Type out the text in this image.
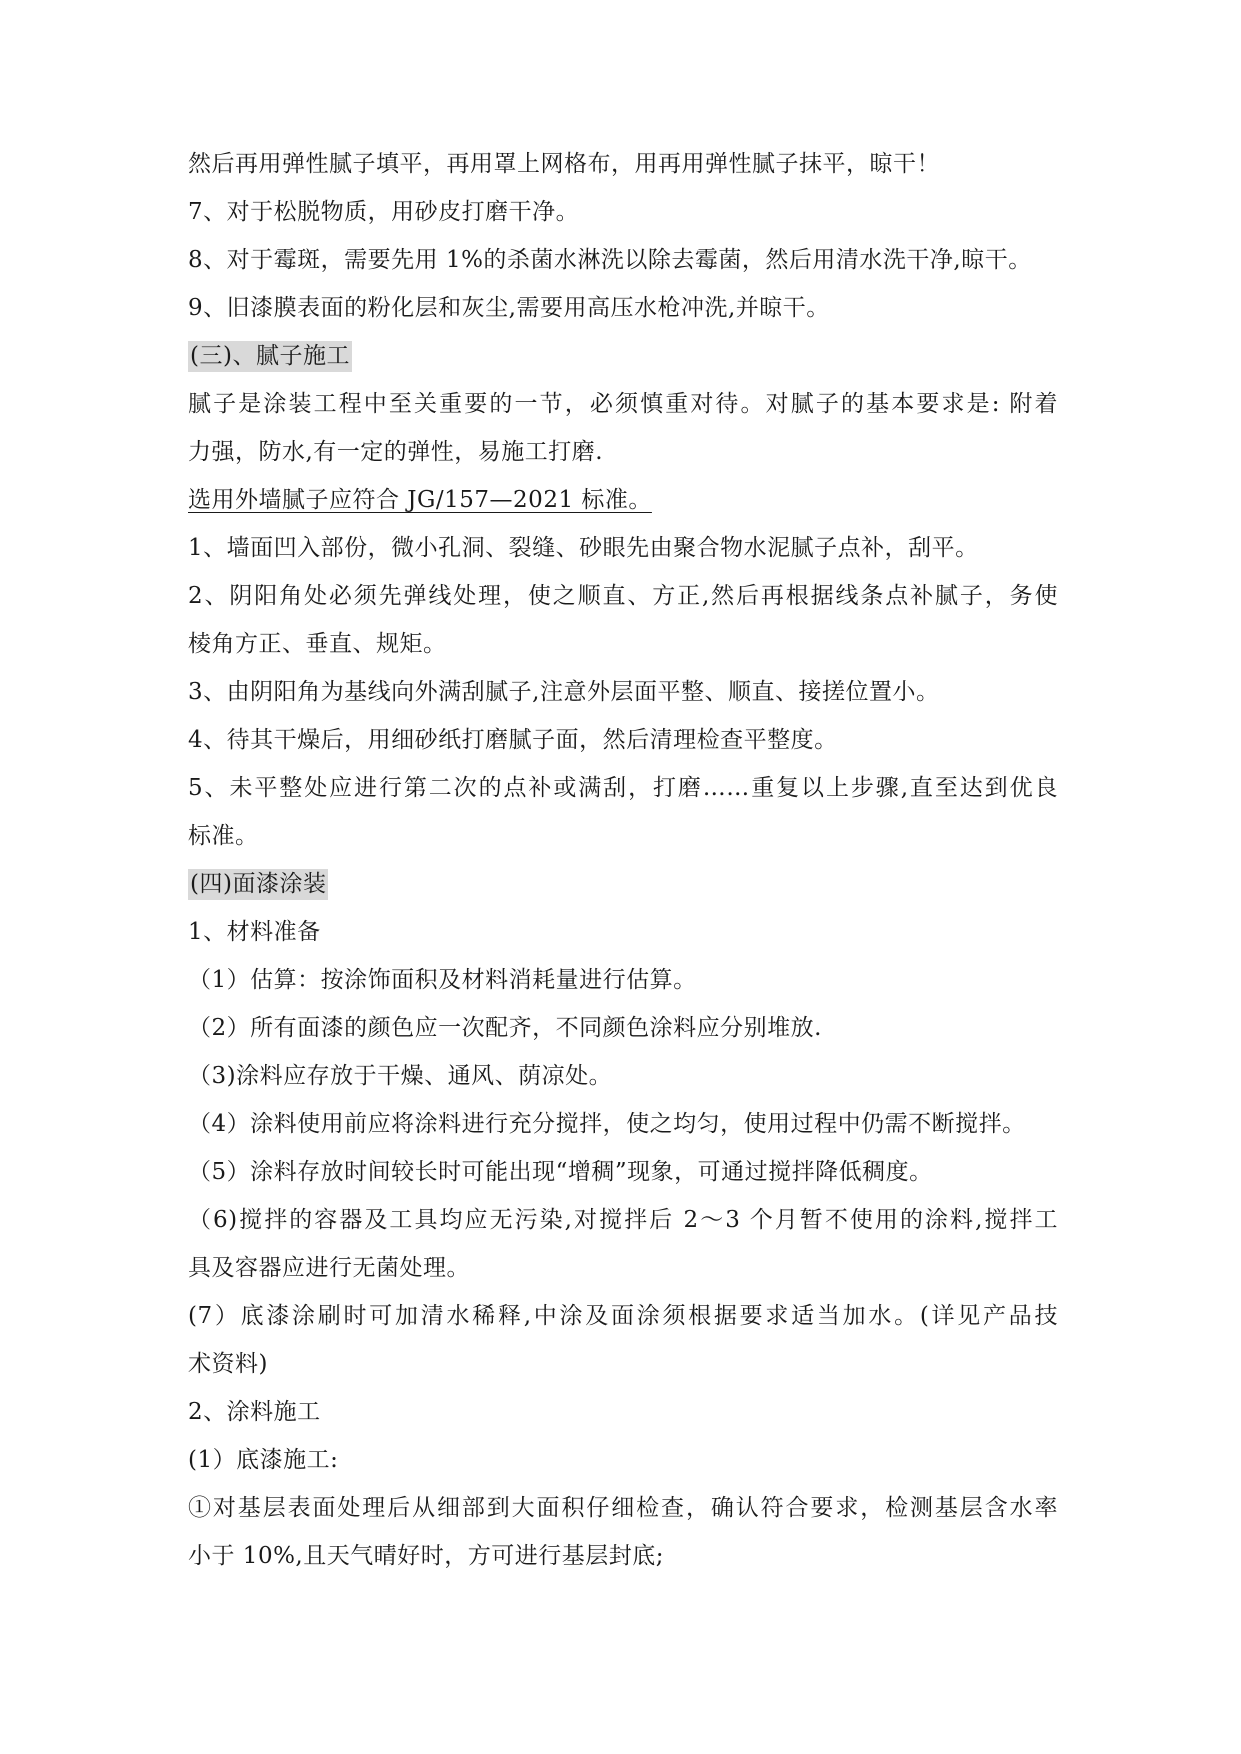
然后再用弹性腻子填平，再用罩上网格布，用再用弹性腻子抹平，晾干！
7、对于松脱物质，用砂皮打磨干净。
8、对于霉斑，需要先用 1%的杀菌水淋洗以除去霉菌，然后用清水洗干净,晾干。
9、旧漆膜表面的粉化层和灰尘,需要用高压水枪冲洗,并晾干。
(三)、腻子施工
腻子是涂装工程中至关重要的一节，必须慎重对待。对腻子的基本要求是: 附着
力强，防水,有一定的弹性，易施工打磨.
选用外墙腻子应符合 JG/157—2021 标准。
1、墙面凹入部份，微小孔洞、裂缝、砂眼先由聚合物水泥腻子点补，刮平。
2、阴阳角处必须先弹线处理，使之顺直、方正,然后再根据线条点补腻子，务使
棱角方正、垂直、规矩。
3、由阴阳角为基线向外满刮腻子,注意外层面平整、顺直、接搓位置小。
4、待其干燥后，用细砂纸打磨腻子面，然后清理检查平整度。
5、未平整处应进行第二次的点补或满刮，打磨……重复以上步骤,直至达到优良
标准。
(四)面漆涂装
1、材料准备
（1）估算：按涂饰面积及材料消耗量进行估算。
（2）所有面漆的颜色应一次配齐，不同颜色涂料应分别堆放.
（3)涂料应存放于干燥、通风、荫凉处。
（4）涂料使用前应将涂料进行充分搅拌，使之均匀，使用过程中仍需不断搅拌。
（5）涂料存放时间较长时可能出现“增稠”现象，可通过搅拌降低稠度。
（6)搅拌的容器及工具均应无污染,对搅拌后 2～3 个月暂不使用的涂料,搅拌工
具及容器应进行无菌处理。
(7）底漆涂刷时可加清水稀释,中涂及面涂须根据要求适当加水。(详见产品技
术资料)
2、涂料施工
(1）底漆施工:
①对基层表面处理后从细部到大面积仔细检查，确认符合要求，检测基层含水率
小于 10%,且天气晴好时，方可进行基层封底;
